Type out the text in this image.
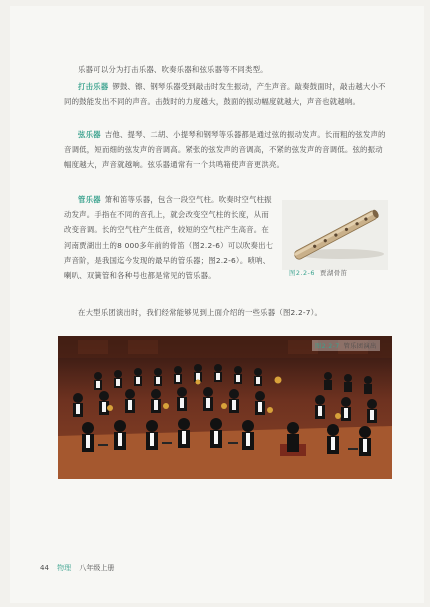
乐器可以分为打击乐器、吹奏乐器和弦乐器等不同类型。

打击乐器 锣鼓、镲、钢琴乐器受到敲击时发生振动，产生声音。敲奏鼓面时，敲击越大小不同的鼓能发出不同的声音。击鼓时的力度越大，鼓面的振动幅度就越大，声音也就越响。

弦乐器 吉他、提琴、二胡、小提琴和钢琴等乐器都是通过弦的振动发声。长而粗的弦发声的音调低，短而细的弦发声的音调高。紧张的弦发声的音调高，不紧的弦发声的音调低。弦的振动幅度越大，声音就越响。弦乐器通常有一个共鸣箱使声音更洪亮。

管乐器 箫和笛等乐器，包含一段空气柱。吹奏时空气柱振动发声。手指在不同的音孔上，就会改变空气柱的长度，从而改变音调。长的空气柱产生低音，较短的空气柱产生高音。在河南贾湖出土的8 000多年前的骨笛（图2.2-6）可以吹奏出七声音阶，是我国迄今发现的最早的管乐器；图2.2-6）。唢呐、喇叭、双簧管和各种号也都是常见的管乐器。

在大型乐团演出时，我们经常能够见到上面介绍的一些乐器（图2.2-7）。

图2.2-6 贾湖骨笛
图2.2-7 管乐团演出
44 物理 八年级上册
